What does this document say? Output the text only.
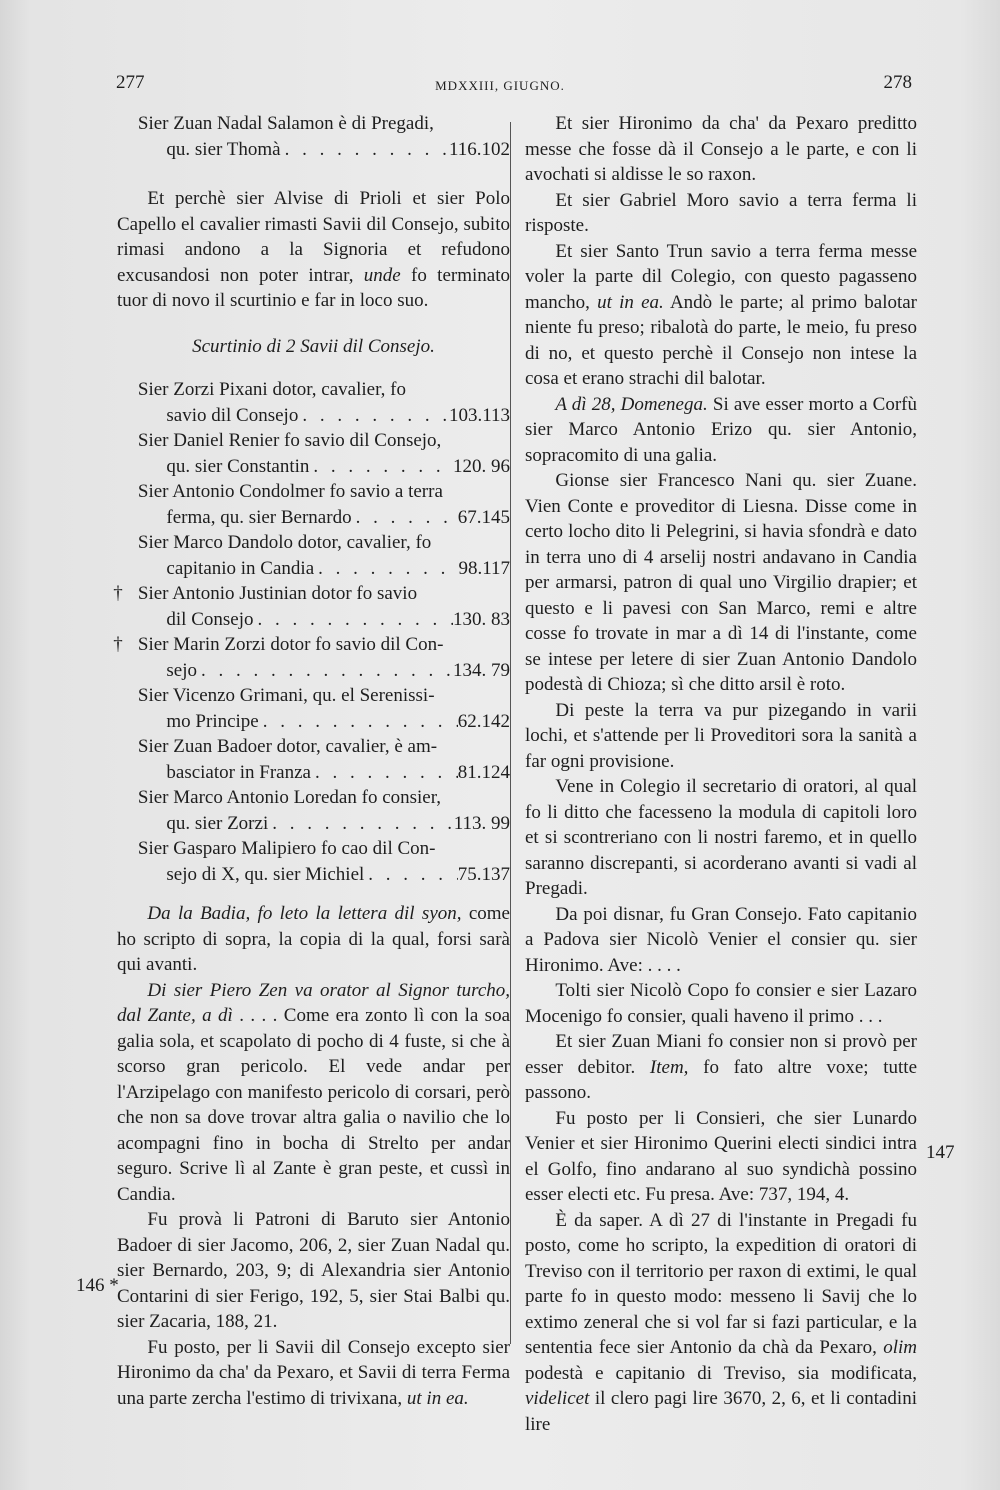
277	MDXXIII, GIUGNO.	278
146 *
147
Sier Zuan Nadal Salamon è di Pregadi,
qu. sier Thomà . . .	116.102

Et perchè sier Alvise di Prioli et sier Polo Capello el cavalier rimasti Savii dil Consejo, subito rimasi andono a la Signoria et refudono excusandosi non poter intrar, unde fo terminato tuor di novo il scurtinio e far in loco suo.

Scurtinio di 2 Savii dil Consejo.

Sier Zorzi Pixani dotor, cavalier, fo
savio dil Consejo . . .	103.113
Sier Daniel Renier fo savio dil Consejo,
qu. sier Constantin . . .	120. 96
Sier Antonio Condolmer fo savio a terra
ferma, qu. sier Bernardo . . .	67.145
Sier Marco Dandolo dotor, cavalier, fo
capitanio in Candia . . .	98.117
† Sier Antonio Justinian dotor fo savio
dil Consejo . . .	130. 83
† Sier Marin Zorzi dotor fo savio dil Con-
sejo . . .	134. 79
Sier Vicenzo Grimani, qu. el Serenissi-
mo Principe . . .	62.142
Sier Zuan Badoer dotor, cavalier, è am-
basciator in Franza . . .	81.124
Sier Marco Antonio Loredan fo consier,
qu. sier Zorzi . . .	113. 99
Sier Gasparo Malipiero fo cao dil Con-
sejo di X, qu. sier Michiel . . .	75.137

Da la Badia, fo leto la lettera dil syon, come ho scripto di sopra, la copia di la qual, forsi sarà qui avanti.

Di sier Piero Zen va orator al Signor turcho, dal Zante, a dì . . . . Come era zonto lì con la soa galia sola, et scapolato di pocho di 4 fuste, si che à scorso gran pericolo. El vede andar per l'Arzipelago con manifesto pericolo di corsari, però che non sa dove trovar altra galia o navilio che lo acompagni fino in bocha di Strelto per andar seguro. Scrive lì al Zante è gran peste, et cussì in Candia.

Fu provà li Patroni di Baruto sier Antonio Badoer di sier Jacomo, 206, 2, sier Zuan Nadal qu. sier Bernardo, 203, 9; di Alexandria sier Antonio Contarini di sier Ferigo, 192, 5, sier Stai Balbi qu. sier Zacaria, 188, 21.

Fu posto, per li Savii dil Consejo excepto sier Hironimo da cha' da Pexaro, et Savii di terra Ferma una parte zercha l'estimo di trivixana, ut in ea.

Et sier Hironimo da cha' da Pexaro preditto messe che fosse dà il Consejo a le parte, e con li avochati si aldisse le so raxon.

Et sier Gabriel Moro savio a terra ferma li risposte.

Et sier Santo Trun savio a terra ferma messe voler la parte dil Colegio, con questo pagasseno mancho, ut in ea. Andò le parte; al primo balotar niente fu preso; ribalotà do parte, le meio, fu preso di no, et questo perchè il Consejo non intese la cosa et erano strachi dil balotar.

A dì 28, Domenega. Si ave esser morto a Corfù sier Marco Antonio Erizo qu. sier Antonio, sopracomito di una galia.

Gionse sier Francesco Nani qu. sier Zuane. Vien Conte e proveditor di Liesna. Disse come in certo locho dito li Pelegrini, si havia sfondrà e dato in terra uno di 4 arselij nostri andavano in Candia per armarsi, patron di qual uno Virgilio drapier; et questo e li pavesi con San Marco, remi e altre cosse fo trovate in mar a dì 14 di l'instante, come se intese per letere di sier Zuan Antonio Dandolo podestà di Chioza; sì che ditto arsil è roto.

Di peste la terra va pur pizegando in varii lochi, et s'attende per li Proveditori sora la sanità a far ogni provisione.

Vene in Colegio il secretario di oratori, al qual fo li ditto che facesseno la modula di capitoli loro et si scontreriano con li nostri faremo, et in quello saranno discrepanti, si acorderano avanti si vadi al Pregadi.

Da poi disnar, fu Gran Consejo. Fato capitanio a Padova sier Nicolò Venier el consier qu. sier Hironimo. Ave: . . . .

Tolti sier Nicolò Copo fo consier e sier Lazaro Mocenigo fo consier, quali haveno il primo . . .

Et sier Zuan Miani fo consier non si provò per esser debitor. Item, fo fato altre voxe; tutte passono.

Fu posto per li Consieri, che sier Lunardo Venier et sier Hironimo Querini electi sindici intra el Golfo, fino andarano al suo syndichà possino esser electi etc. Fu presa. Ave: 737, 194, 4.

È da saper. A dì 27 di l'instante in Pregadi fu posto, come ho scripto, la expedition di oratori di Treviso con il territorio per raxon di extimi, le qual parte fo in questo modo: messeno li Savij che lo extimo zeneral che si vol far si fazi particular, e la sententia fece sier Antonio da chà da Pexaro, olim podestà e capitanio di Treviso, sia modificata, videlicet il clero pagi lire 3670, 2, 6, et li contadini lire
